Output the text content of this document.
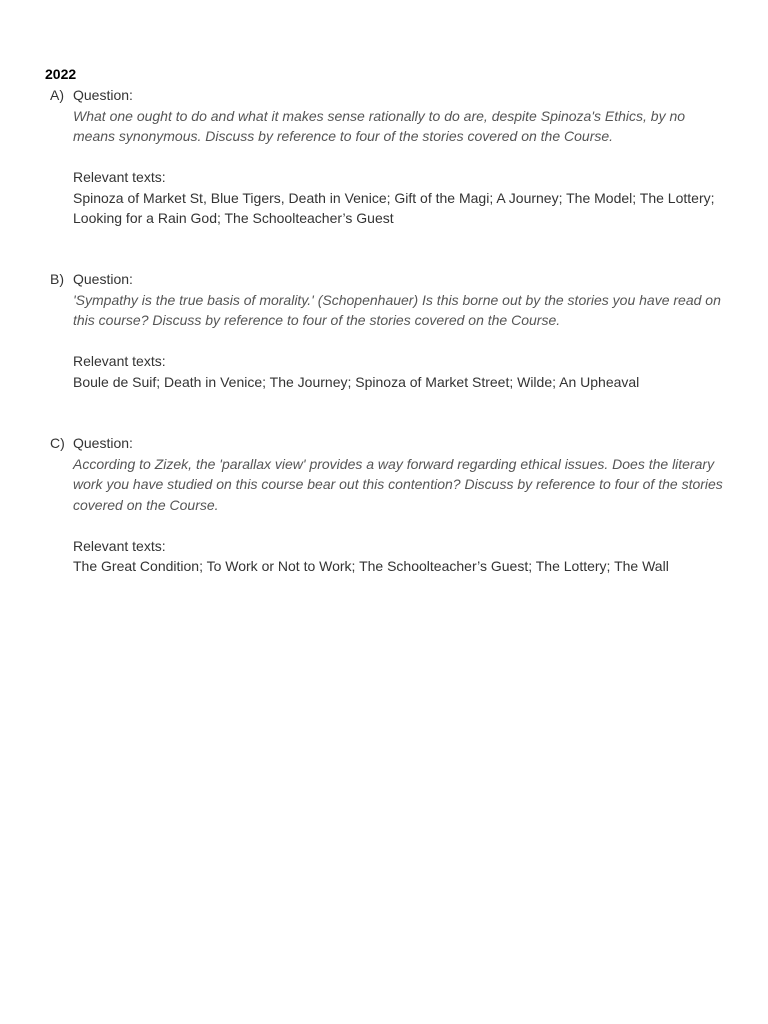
2022
A) Question:
What one ought to do and what it makes sense rationally to do are, despite Spinoza's Ethics, by no means synonymous. Discuss by reference to four of the stories covered on the Course.
Relevant texts:
Spinoza of Market St, Blue Tigers, Death in Venice; Gift of the Magi; A Journey; The Model; The Lottery; Looking for a Rain God; The Schoolteacher’s Guest
B) Question:
'Sympathy is the true basis of morality.' (Schopenhauer) Is this borne out by the stories you have read on this course? Discuss by reference to four of the stories covered on the Course.
Relevant texts:
Boule de Suif; Death in Venice; The Journey; Spinoza of Market Street; Wilde; An Upheaval
C) Question:
According to Zizek, the 'parallax view' provides a way forward regarding ethical issues. Does the literary work you have studied on this course bear out this contention? Discuss by reference to four of the stories covered on the Course.
Relevant texts:
The Great Condition; To Work or Not to Work; The Schoolteacher’s Guest; The Lottery; The Wall
